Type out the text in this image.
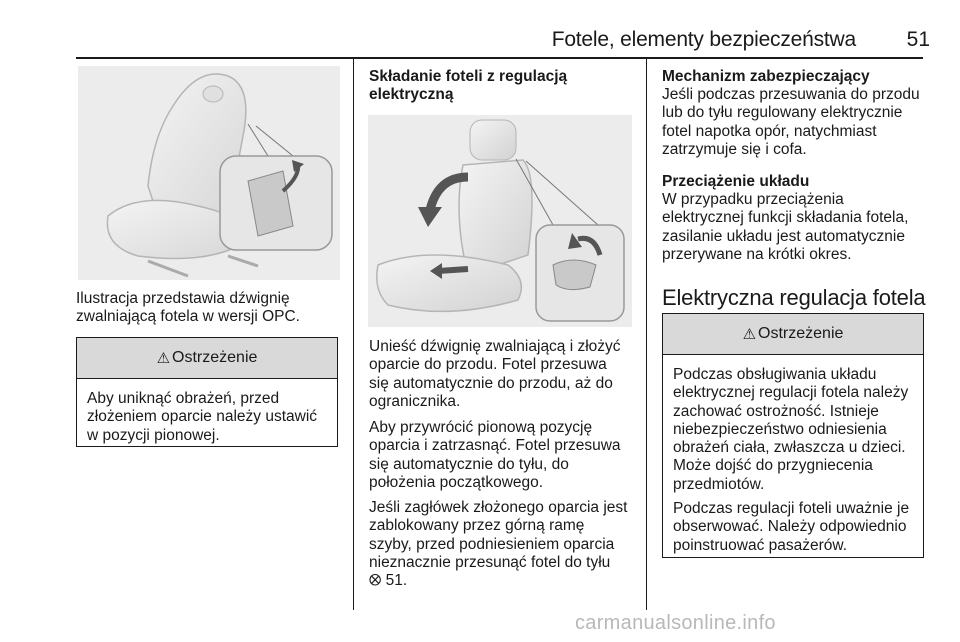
Fotele, elementy bezpieczeństwa	51

Ilustracja przedstawia dźwignię
zwalniającą fotela w wersji OPC.

⚠ Ostrzeżenie

Aby uniknąć obrażeń, przed
złożeniem oparcie należy ustawić
w pozycji pionowej.

Składanie foteli z regulacją
elektryczną

Unieść dźwignię zwalniającą i złożyć
oparcie do przodu. Fotel przesuwa
się automatycznie do przodu, aż do
ogranicznika.

Aby przywrócić pionową pozycję
oparcia i zatrzasnąć. Fotel przesuwa
się automatycznie do tyłu, do
położenia początkowego.

Jeśli zagłówek złożonego oparcia jest
zablokowany przez górną ramę
szyby, przed podniesieniem oparcia
nieznacznie przesunąć fotel do tyłu
⭙ 51.

Mechanizm zabezpieczający

Jeśli podczas przesuwania do przodu
lub do tyłu regulowany elektrycznie
fotel napotka opór, natychmiast
zatrzymuje się i cofa.

Przeciążenie układu

W przypadku przeciążenia
elektrycznej funkcji składania fotela,
zasilanie układu jest automatycznie
przerywane na krótki okres.

Elektryczna regulacja fotela

⚠ Ostrzeżenie

Podczas obsługiwania układu
elektrycznej regulacji fotela należy
zachować ostrożność. Istnieje
niebezpieczeństwo odniesienia
obrażeń ciała, zwłaszcza u dzieci.
Może dojść do przygniecenia
przedmiotów.

Podczas regulacji foteli uważnie je
obserwować. Należy odpowiednio
poinstruować pasażerów.

carmanualsonline.info
